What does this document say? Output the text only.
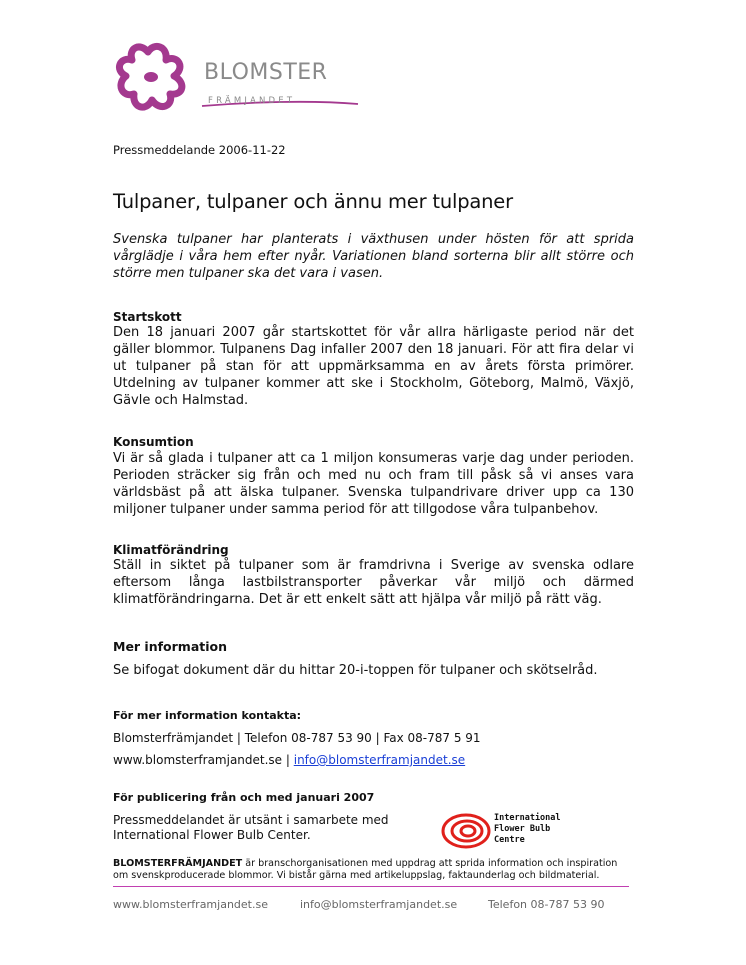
BLOMSTER
FRÄMJANDET
Pressmeddelande 2006-11-22
Tulpaner, tulpaner och ännu mer tulpaner

Svenska tulpaner har planterats i växthusen under hösten för att sprida vårglädje i våra hem efter nyår. Variationen bland sorterna blir allt större och större men tulpaner ska det vara i vasen.

Startskott

Den 18 januari 2007 går startskottet för vår allra härligaste period när det gäller blommor. Tulpanens Dag infaller 2007 den 18 januari. För att fira delar vi ut tulpaner på stan för att uppmärksamma en av årets första primörer. Utdelning av tulpaner kommer att ske i Stockholm, Göteborg, Malmö, Växjö, Gävle och Halmstad.

Konsumtion

Vi är så glada i tulpaner att ca 1 miljon konsumeras varje dag under perioden. Perioden sträcker sig från och med nu och fram till påsk så vi anses vara världsbäst på att älska tulpaner. Svenska tulpandrivare driver upp ca 130 miljoner tulpaner under samma period för att tillgodose våra tulpanbehov.

Klimatförändring

Ställ in siktet på tulpaner som är framdrivna i Sverige av svenska odlare eftersom långa lastbilstransporter påverkar vår miljö och därmed klimatförändringarna. Det är ett enkelt sätt att hjälpa vår miljö på rätt väg.

Mer information

Se bifogat dokument där du hittar 20-i-toppen för tulpaner och skötselråd.

För mer information kontakta:

Blomsterfrämjandet | Telefon 08-787 53 90 | Fax 08-787 5 91

www.blomsterframjandet.se | info@blomsterframjandet.se

För publicering från och med januari 2007

Pressmeddelandet är utsänt i samarbete med

International Flower Bulb Center.

International
Flower Bulb
Centre

BLOMSTERFRÄMJANDET är branschorganisationen med uppdrag att sprida information och inspiration om svenskproducerade blommor. Vi bistår gärna med artikeluppslag, faktaunderlag och bildmaterial.

www.blomsterframjandet.se	info@blomsterframjandet.se	Telefon 08-787 53 90
